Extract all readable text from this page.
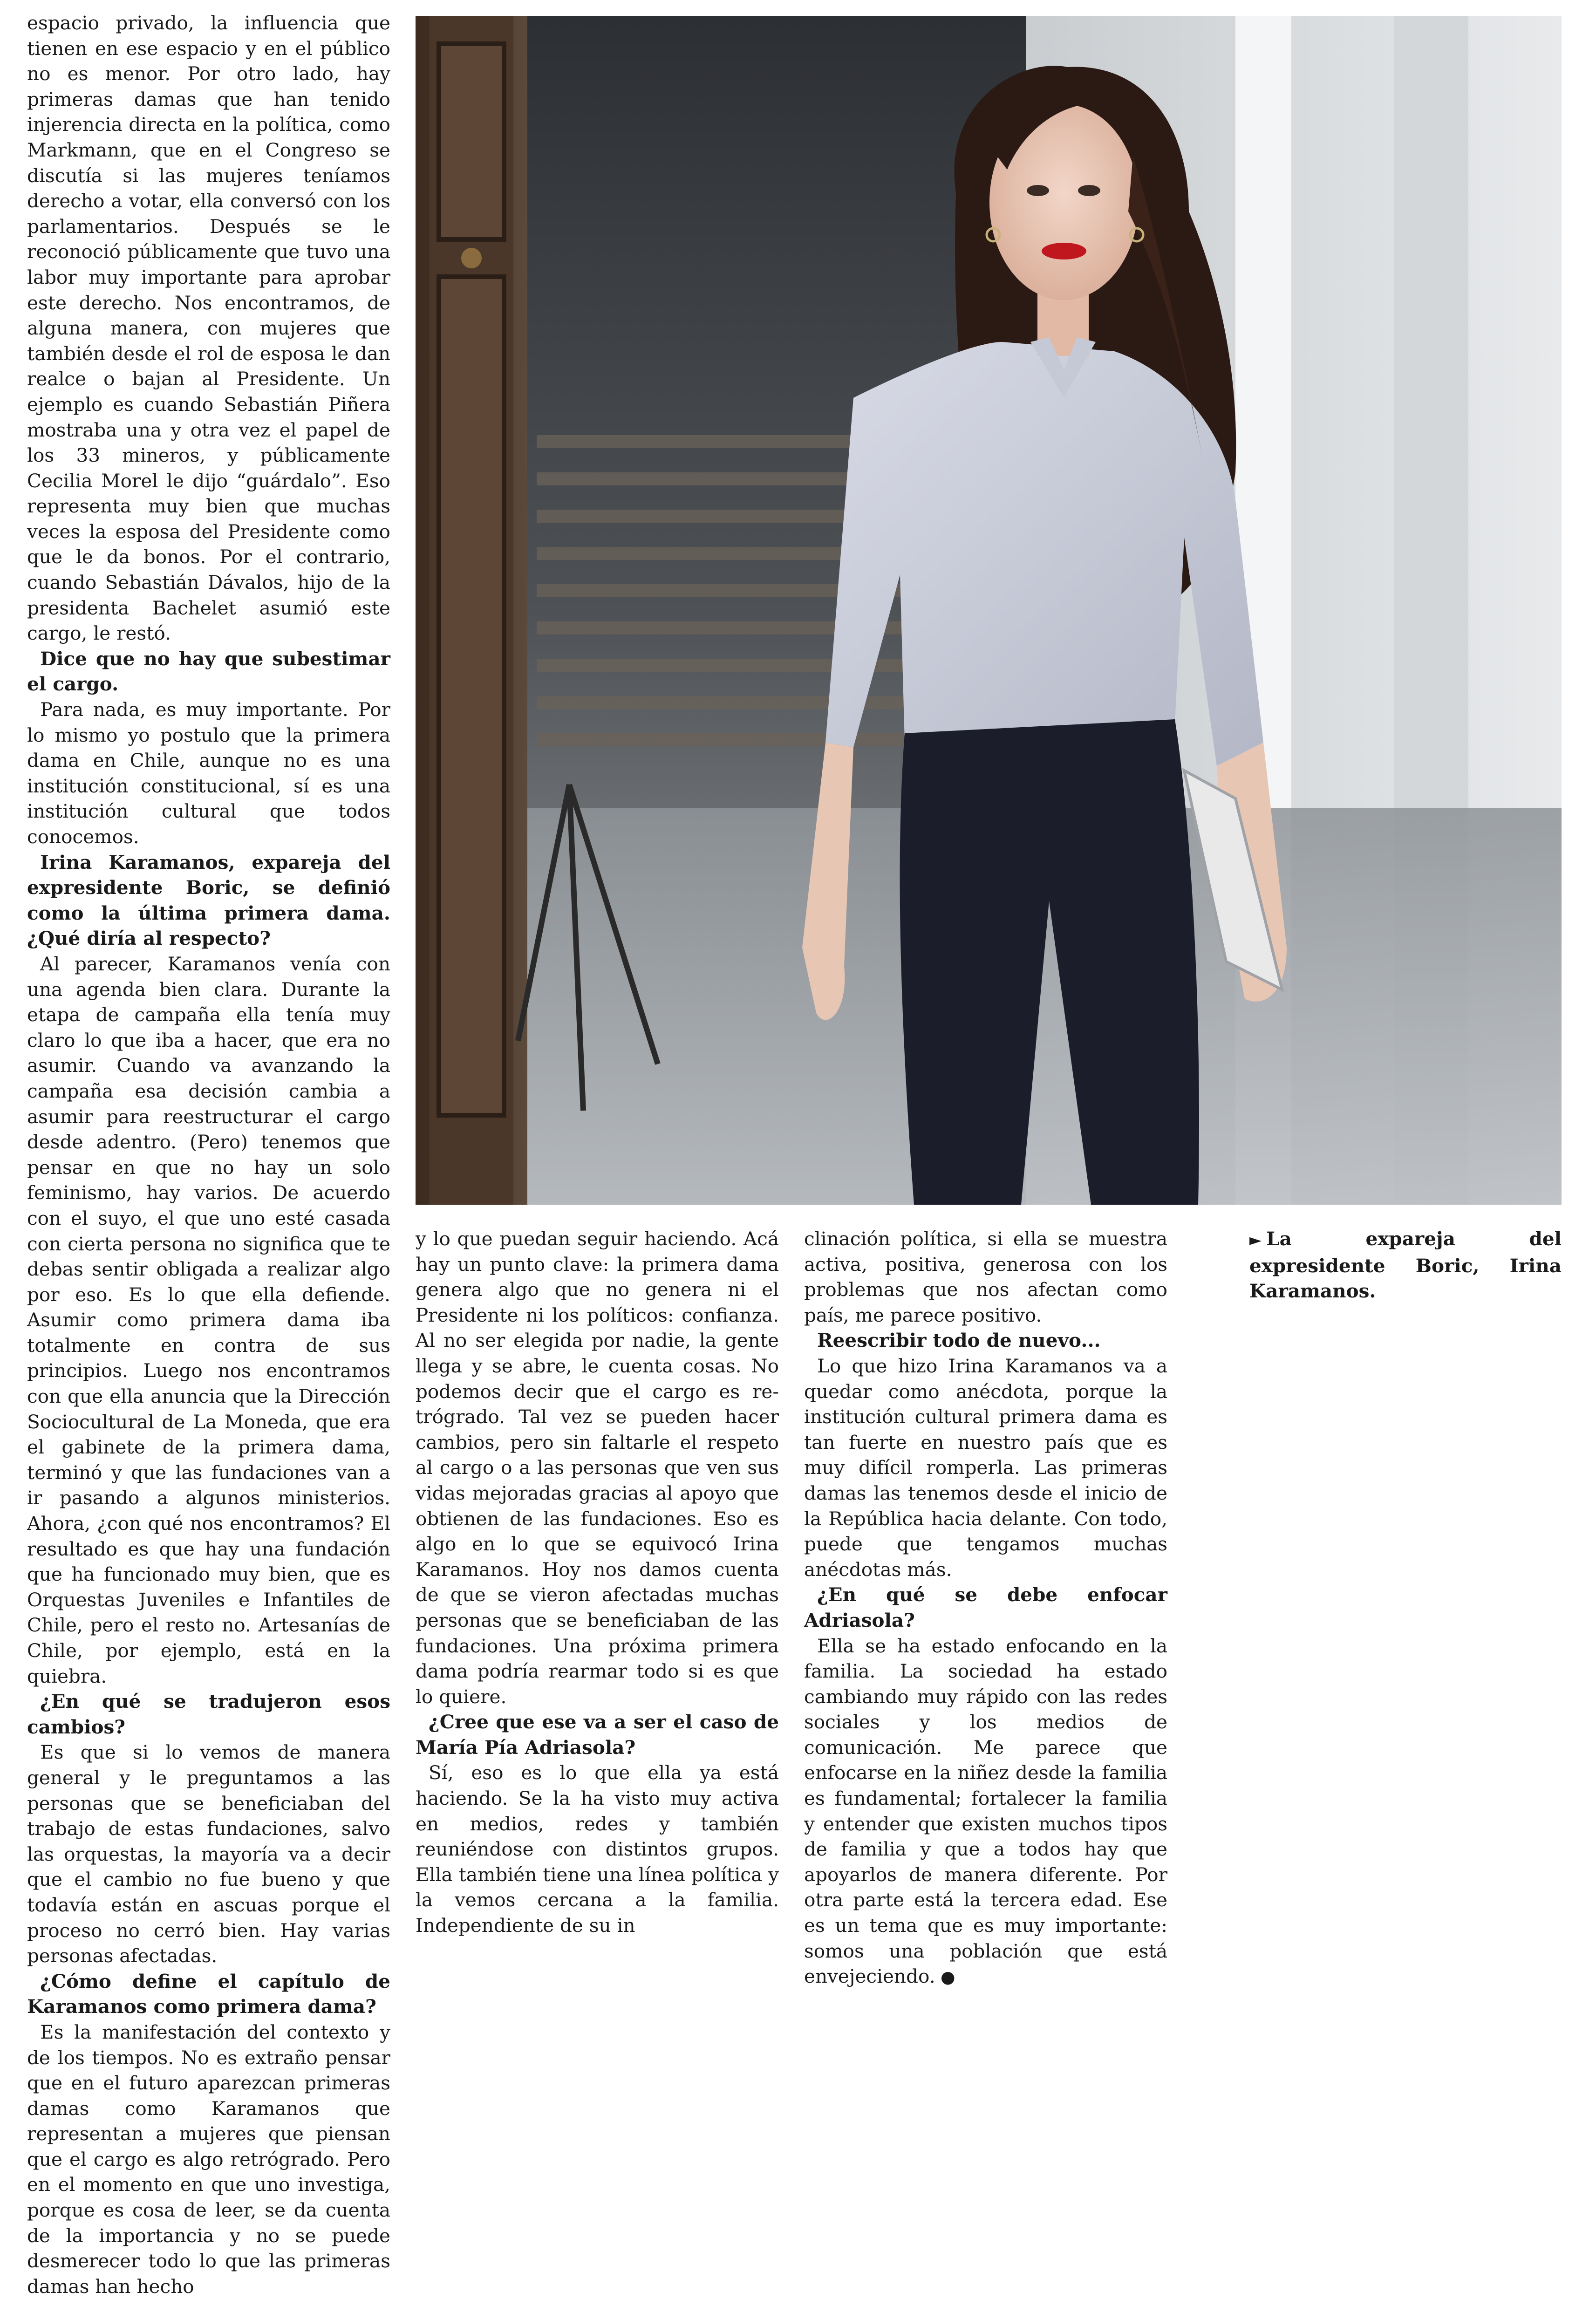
espacio privado, la influencia que tienen en ese espacio y en el público no es menor. Por otro lado, hay primeras damas que han tenido injerencia directa en la política, como Markmann, que en el Congreso se discutía si las mujeres teníamos derecho a votar, ella conversó con los parlamentarios. Después se le reconoció públicamente que tuvo una labor muy importante para aprobar este derecho. Nos encontramos, de alguna manera, con mujeres que también desde el rol de esposa le dan realce o bajan al Presidente. Un ejemplo es cuando Sebastián Piñera mostraba una y otra vez el papel de los 33 mineros, y públicamente Cecilia Morel le dijo “guárdalo”. Eso representa muy bien que muchas veces la esposa del Presidente como que le da bonos. Por el contrario, cuando Sebastián Dávalos, hijo de la presidenta Bachelet asumió este cargo, le restó.

Dice que no hay que subestimar el cargo.

Para nada, es muy importante. Por lo mismo yo postulo que la primera dama en Chile, aunque no es una institución constitucional, sí es una institución cultural que todos conocemos.

Irina Karamanos, expareja del expresidente Boric, se definió como la última primera dama. ¿Qué diría al respecto?

Al parecer, Karamanos venía con una agenda bien clara. Durante la etapa de campaña ella tenía muy claro lo que iba a hacer, que era no asumir. Cuando va avanzando la campaña esa decisión cambia a asumir para reestructurar el cargo desde adentro. (Pero) tenemos que pensar en que no hay un solo feminismo, hay varios. De acuerdo con el suyo, el que uno esté casada con cierta persona no significa que te debas sentir obligada a realizar algo por eso. Es lo que ella defiende. Asumir como primera dama iba totalmente en contra de sus principios. Luego nos encontramos con que ella anuncia que la Dirección Sociocultural de La Moneda, que era el gabinete de la primera dama, terminó y que las fundaciones van a ir pasando a algunos ministerios. Ahora, ¿con qué nos encontramos? El resultado es que hay una fundación que ha funcionado muy bien, que es Orquestas Juveniles e Infantiles de Chile, pero el resto no. Artesanías de Chile, por ejemplo, está en la quiebra.

¿En qué se tradujeron esos cambios?

Es que si lo vemos de manera general y le preguntamos a las personas que se beneficiaban del trabajo de estas fundaciones, salvo las orquestas, la mayoría va a decir que el cambio no fue bueno y que todavía están en ascuas porque el proceso no cerró bien. Hay varias personas afectadas.

¿Cómo define el capítulo de Karamanos como primera dama?

Es la manifestación del contexto y de los tiempos. No es extraño pensar que en el futuro aparezcan primeras damas como Karamanos que representan a mujeres que piensan que el cargo es algo retrógrado. Pero en el momento en que uno investiga, porque es cosa de leer, se da cuenta de la importancia y no se puede desmerecer todo lo que las primeras damas han hecho

y lo que puedan seguir haciendo. Acá hay un punto clave: la primera dama genera algo que no genera ni el Presidente ni los políticos: confianza. Al no ser elegida por nadie, la gente llega y se abre, le cuenta cosas. No podemos decir que el cargo es retrógrado. Tal vez se pueden hacer cambios, pero sin faltarle el respeto al cargo o a las personas que ven sus vidas mejoradas gracias al apoyo que obtienen de las fundaciones. Eso es algo en lo que se equivocó Irina Karamanos. Hoy nos damos cuenta de que se vieron afectadas muchas personas que se beneficiaban de las fundaciones. Una próxima primera dama podría rearmar todo si es que lo quiere.

¿Cree que ese va a ser el caso de María Pía Adriasola?

Sí, eso es lo que ella ya está haciendo. Se la ha visto muy activa en medios, redes y también reuniéndose con distintos grupos. Ella también tiene una línea política y la vemos cercana a la familia. Independiente de su in

clinación política, si ella se muestra activa, positiva, generosa con los problemas que nos afectan como país, me parece positivo.

Reescribir todo de nuevo...

Lo que hizo Irina Karamanos va a quedar como anécdota, porque la institución cultural primera dama es tan fuerte en nuestro país que es muy difícil romperla. Las primeras damas las tenemos desde el inicio de la República hacia delante. Con todo, puede que tengamos muchas anécdotas más.

¿En qué se debe enfocar Adriasola?

Ella se ha estado enfocando en la familia. La sociedad ha estado cambiando muy rápido con las redes sociales y los medios de comunicación. Me parece que enfocarse en la niñez desde la familia es fundamental; fortalecer la familia y entender que existen muchos tipos de familia y que a todos hay que apoyarlos de manera diferente. Por otra parte está la tercera edad. Ese es un tema que es muy importante: somos una población que está envejeciendo. ●

► La expareja del expresidente Boric, Irina Karamanos.
